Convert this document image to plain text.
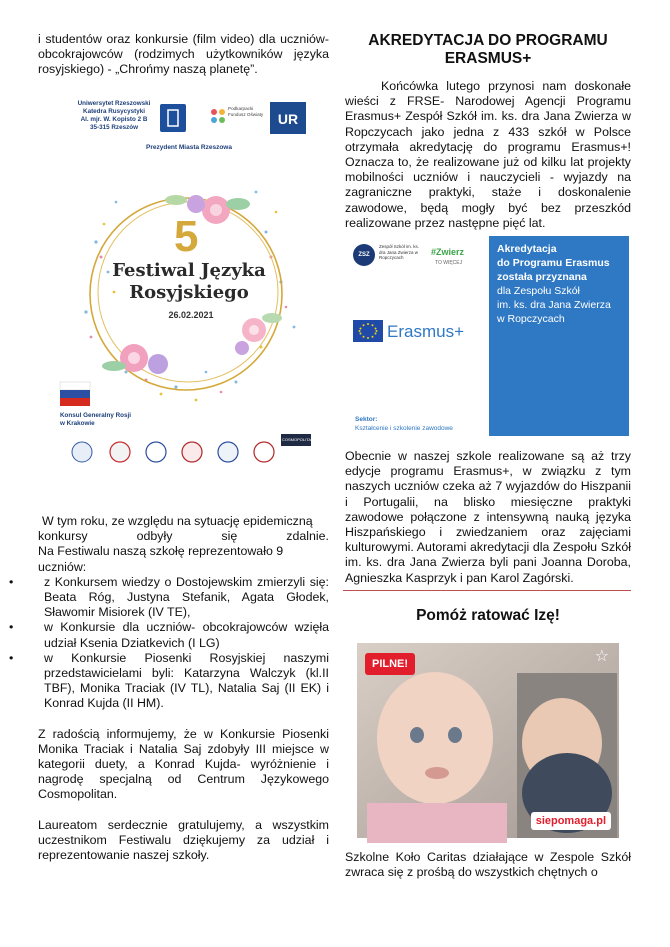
i studentów oraz konkursie (film video) dla uczniów- obcokrajowców (rodzimych użytkowników języka rosyjskiego) - „Chrońmy naszą planetę”.

UR
Uniwersytet Rzeszowski
Katedra Rusycystyki
Al. mjr. W. Kopisto 2 B
35-315 Rzeszów
Podkarpacki Fundusz Oświaty
Prezydent Miasta Rzeszowa
5
Festiwal Języka
Rosyjskiego
26.02.2021
Konsul Generalny Rosji
w Krakowie
COSMOPOLITAN

W tym roku, ze względu na sytuację epidemiczną

konkursy odbyły się zdalnie.

Na Festiwalu naszą szkołę reprezentowało 9

uczniów:

• z Konkursem wiedzy o Dostojewskim zmierzyli się: Beata Róg, Justyna Stefanik, Agata Głodek, Sławomir Misiorek (IV TE),
• w Konkursie dla uczniów- obcokrajowców wzięła udział Ksenia Dziatkevich (I LG)
• w Konkursie Piosenki Rosyjskiej naszymi przedstawicielami byli: Katarzyna Walczyk (kl.II TBF), Monika Traciak (IV TL), Natalia Saj (II EK) i Konrad Kujda (II HM).

Z radością informujemy, że w Konkursie Piosenki Monika Traciak i Natalia Saj zdobyły III miejsce w kategorii duety, a Konrad Kujda- wyróżnienie i nagrodę specjalną od Centrum Językowego Cosmopolitan.

Laureatom serdecznie gratulujemy, a wszystkim uczestnikom Festiwalu dziękujemy za udział i reprezentowanie naszej szkoły.

AKREDYTACJA DO PROGRAMU
ERASMUS+

Końcówka lutego przynosi nam doskonałe wieści z FRSE- Narodowej Agencji Programu Erasmus+ Zespół Szkół im. ks. dra Jana Zwierza w Ropczycach jako jedna z 433 szkół w Polsce otrzymała akredytację do programu Erasmus+! Oznacza to, że realizowane już od kilku lat projekty mobilności uczniów i nauczycieli - wyjazdy na zagraniczne praktyki, staże i doskonalenie zawodowe, będą mogły być bez przeszkód realizowane przez następne pięć lat.

ZSZ
Zespół Szkół im. ks. dra Jana Zwierza w Ropczycach
#Zwierz
TO WIĘCEJ
Erasmus+
Sektor:
Kształcenie i szkolenie zawodowe
Akredytacja
do Programu Erasmus
została przyznana
dla Zespołu Szkół
im. ks. dra Jana Zwierza
w Ropczycach

Obecnie w naszej szkole realizowane są aż trzy edycje programu Erasmus+, w związku z tym naszych uczniów czeka aż 7 wyjazdów do Hiszpanii i Portugalii, na blisko miesięczne praktyki zawodowe połączone z intensywną nauką języka Hiszpańskiego i zwiedzaniem oraz zajęciami kulturowymi. Autorami akredytacji dla Zespołu Szkół im. ks. dra Jana Zwierza byli pani Joanna Doroba, Agnieszka Kasprzyk i pan Karol Zagórski.

Pomóż ratować Izę!
PILNE!	☆
siepomaga.pl

Szkolne Koło Caritas działające w Zespole Szkół zwraca się z prośbą do wszystkich chętnych o
